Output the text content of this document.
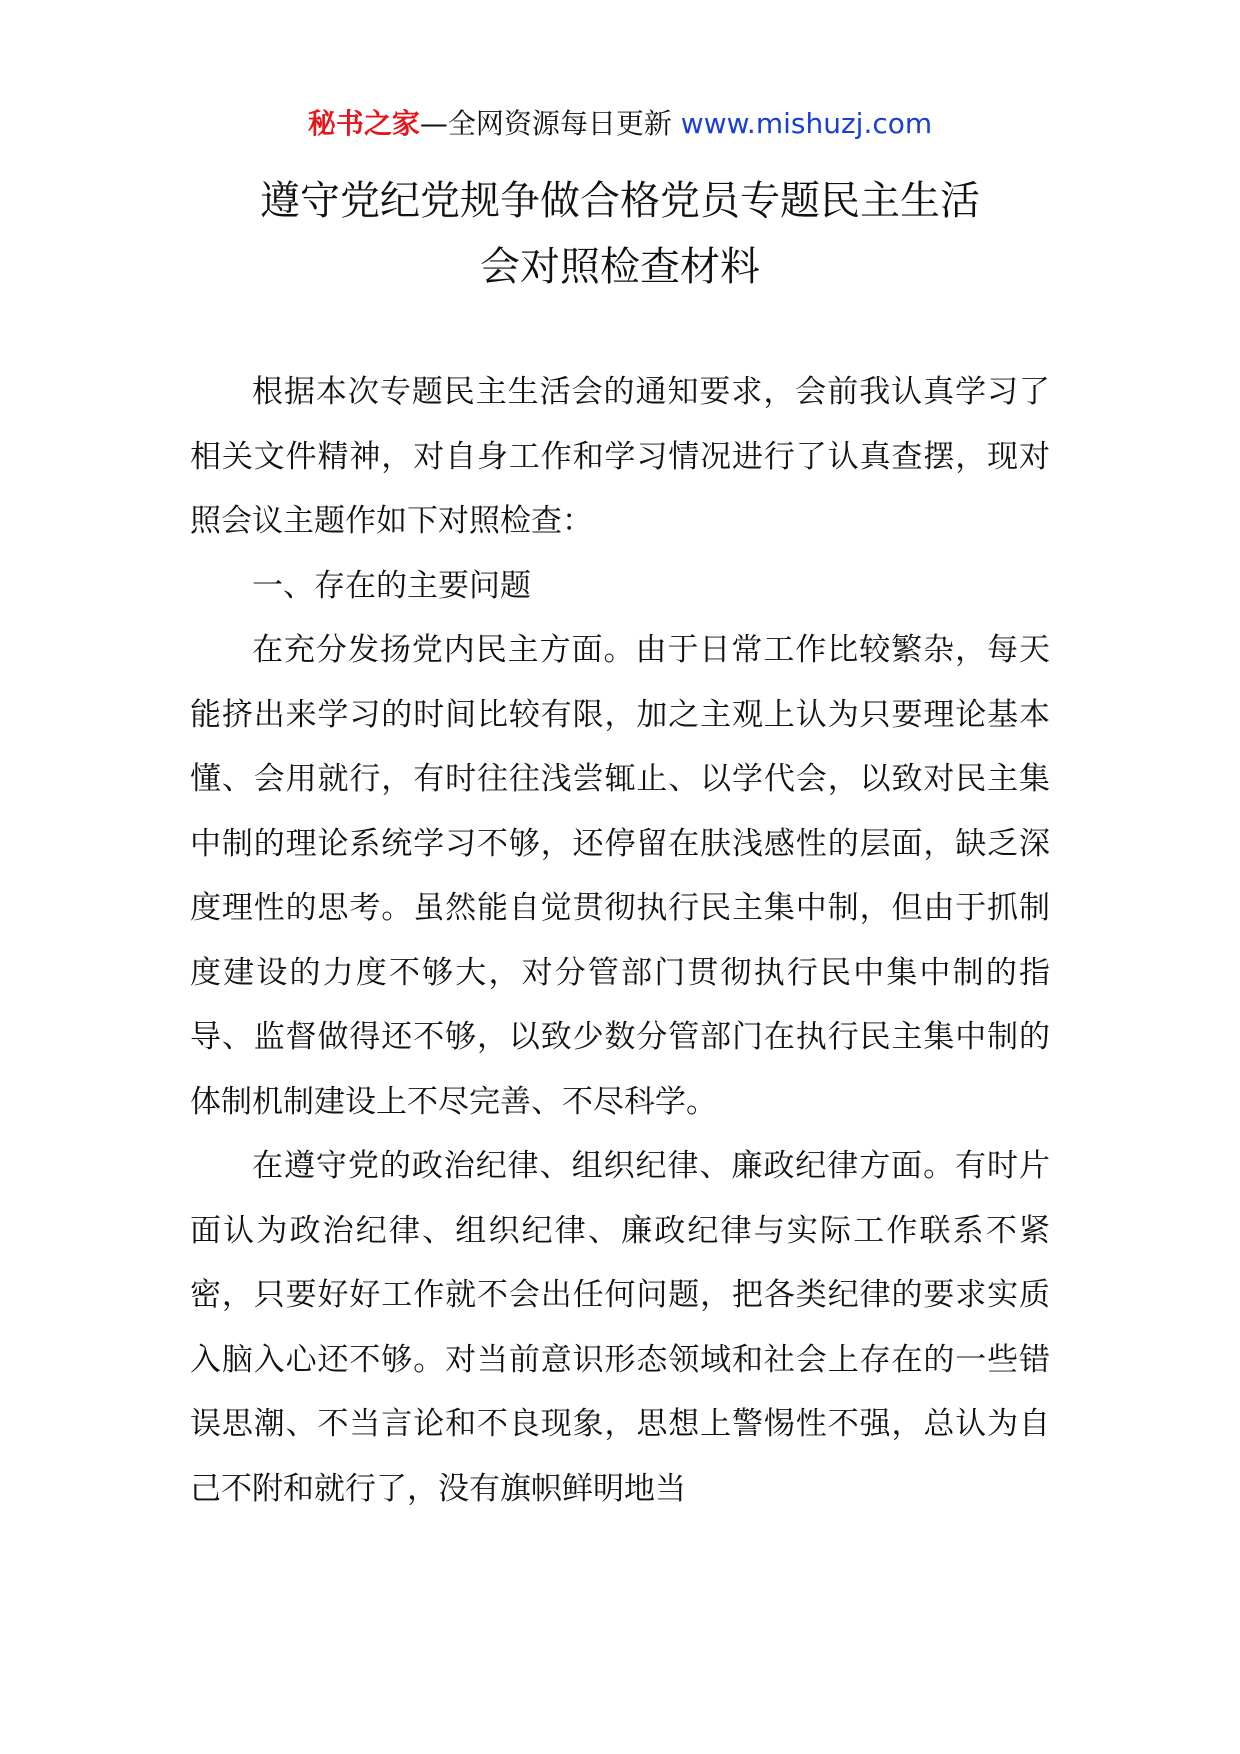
秘书之家—全网资源每日更新 www.mishuzj.com
遵守党纪党规争做合格党员专题民主生活
会对照检查材料

根据本次专题民主生活会的通知要求，会前我认真学习了相关文件精神，对自身工作和学习情况进行了认真查摆，现对照会议主题作如下对照检查：

一、存在的主要问题

在充分发扬党内民主方面。由于日常工作比较繁杂，每天能挤出来学习的时间比较有限，加之主观上认为只要理论基本懂、会用就行，有时往往浅尝辄止、以学代会，以致对民主集中制的理论系统学习不够，还停留在肤浅感性的层面，缺乏深度理性的思考。虽然能自觉贯彻执行民主集中制，但由于抓制度建设的力度不够大，对分管部门贯彻执行民中集中制的指导、监督做得还不够，以致少数分管部门在执行民主集中制的体制机制建设上不尽完善、不尽科学。

在遵守党的政治纪律、组织纪律、廉政纪律方面。有时片面认为政治纪律、组织纪律、廉政纪律与实际工作联系不紧密，只要好好工作就不会出任何问题，把各类纪律的要求实质入脑入心还不够。对当前意识形态领域和社会上存在的一些错误思潮、不当言论和不良现象，思想上警惕性不强，总认为自己不附和就行了，没有旗帜鲜明地当
